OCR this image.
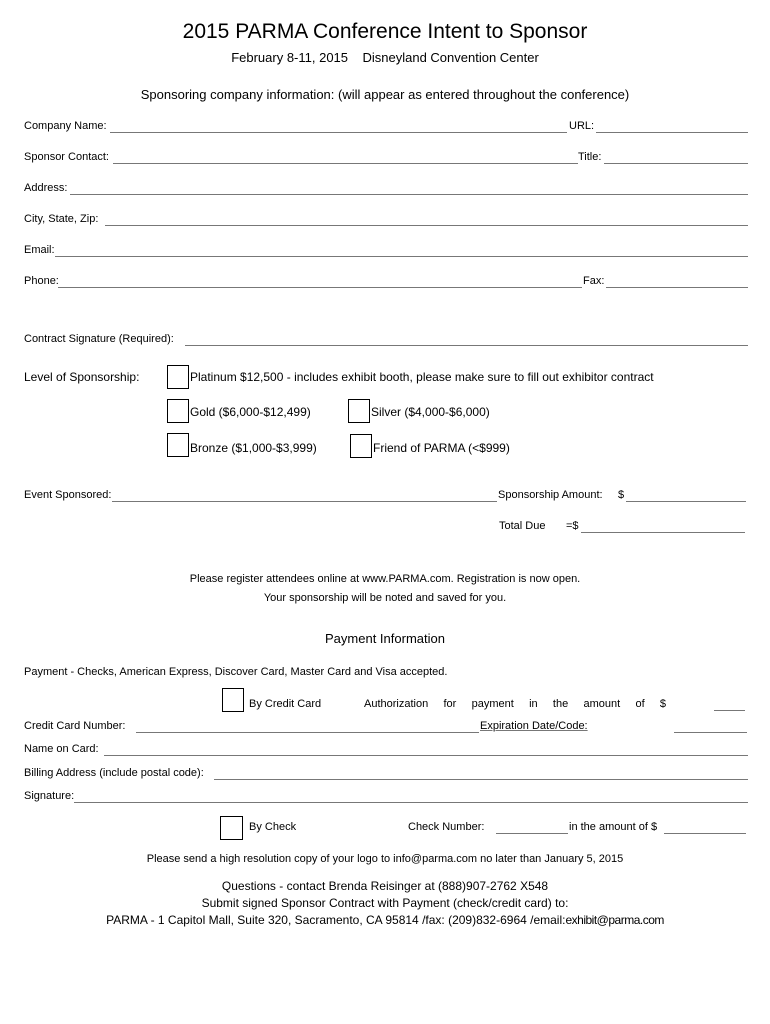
2015 PARMA Conference Intent to Sponsor
February 8-11, 2015 Disneyland Convention Center
Sponsoring company information: (will appear as entered throughout the conference)
Company Name:	URL:
Sponsor Contact:	Title:
Address:
City, State, Zip:
Email:
Phone:	Fax:
Contract Signature (Required):
Level of Sponsorship:	Platinum $12,500 - includes exhibit booth, please make sure to fill out exhibitor contract
Gold ($6,000-$12,499)	Silver ($4,000-$6,000)
Bronze ($1,000-$3,999)	Friend of PARMA (<$999)
Event Sponsored:	Sponsorship Amount: $
Total Due =$
Please register attendees online at www.PARMA.com. Registration is now open.
Your sponsorship will be noted and saved for you.
Payment Information
Payment - Checks, American Express, Discover Card, Master Card and Visa accepted.
By Credit Card	Authorization     for     payment     in     the     amount     of     $
Credit Card Number:	Expiration Date/Code:
Name on Card:
Billing Address (include postal code):
Signature:
By Check	Check Number:	in the amount of $
Please send a high resolution copy of your logo to info@parma.com no later than January 5, 2015
Questions - contact Brenda Reisinger at (888)907-2762 X548
Submit signed Sponsor Contract with Payment (check/credit card) to:
PARMA - 1 Capitol Mall, Suite 320, Sacramento, CA 95814 /fax: (209)832-6964 /email:exhibit@parma.com
